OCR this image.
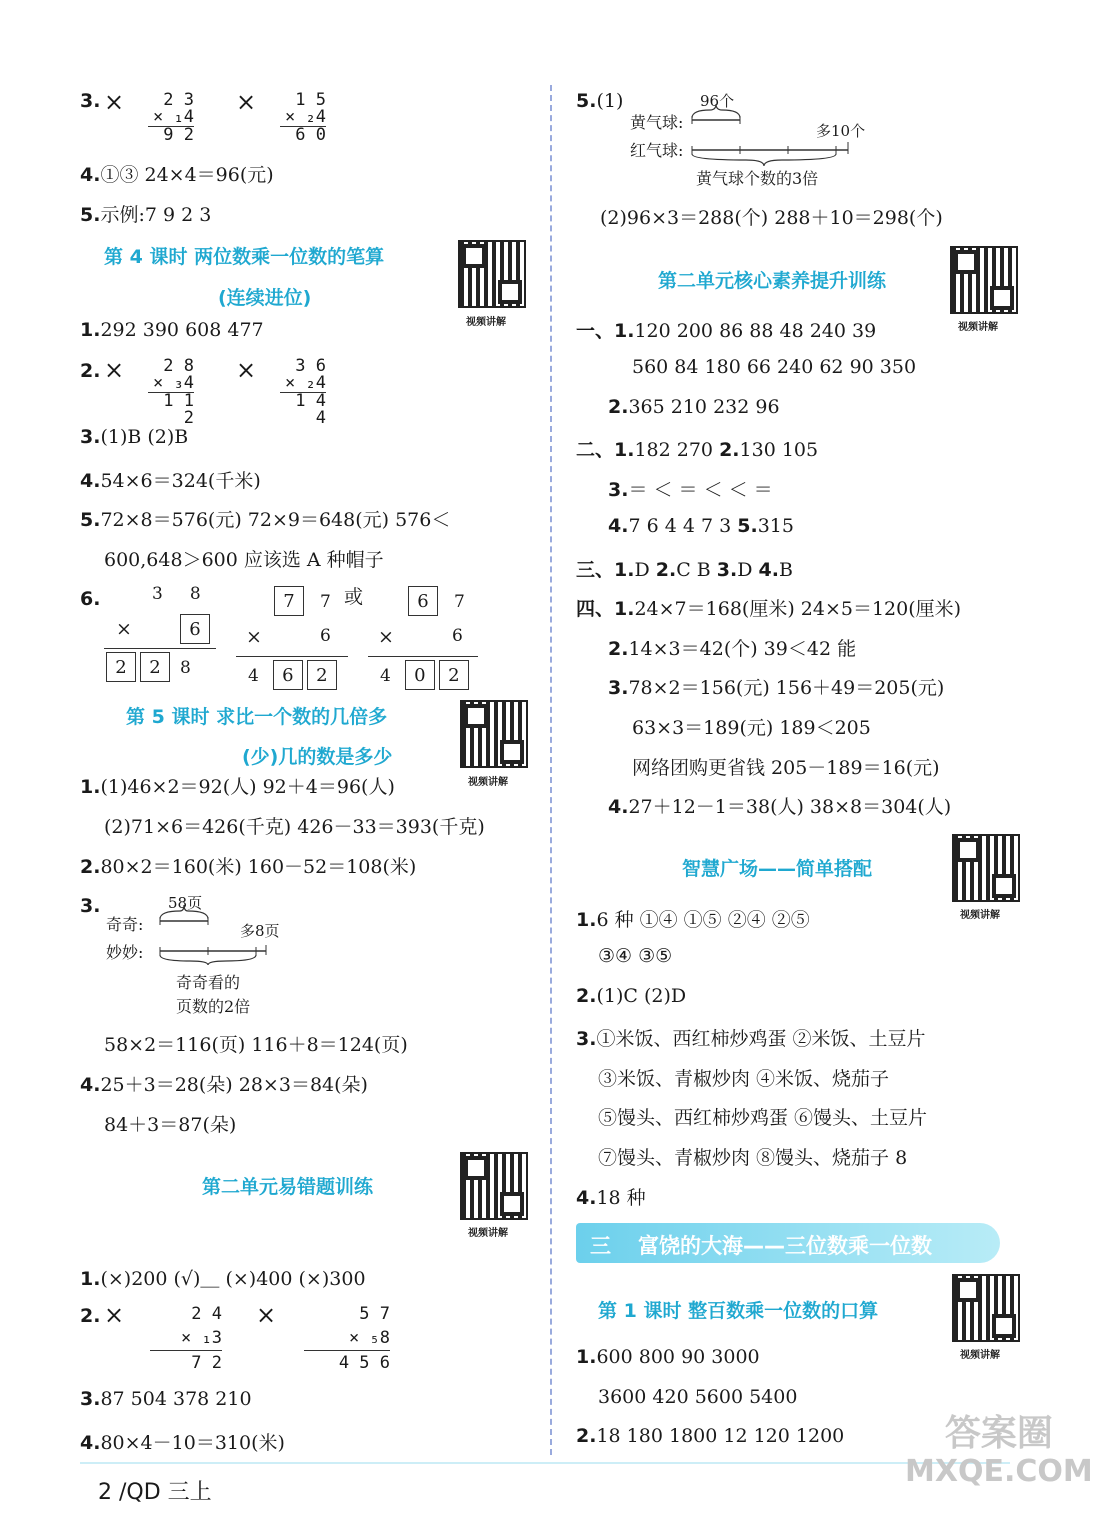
3. ×	2 3
× ₁4
9 2
×	1 5
× ₂4
6 0
4.①③ 24×4＝96(元)
5.示例:7 9 2 3
第 4 课时 两位数乘一位数的笔算
(连续进位)
视频讲解
1.292 390 608 477
2. ×	2 8
× ₃4
1 1 2
×	3 6
× ₂4
1 4 4
3.(1)B (2)B
4.54×6＝324(千米)
5.72×8＝576(元) 72×9＝648(元) 576＜
600,648＞600 应该选 A 种帽子
6.	3 8
×	6
2 2 8
7 7 或
×	6
4 6 2
6 7
×	6
4 0 2
第 5 课时 求比一个数的几倍多
(少)几的数是多少
视频讲解
1.(1)46×2＝92(人) 92＋4＝96(人)
(2)71×6＝426(千克) 426－33＝393(千克)
2.80×2＝160(米) 160－52＝108(米)
3.	58页
奇奇:
妙妙:
多8页
奇奇看的
页数的2倍
58×2＝116(页) 116＋8＝124(页)
4.25＋3＝28(朵) 28×3＝84(朵)
84＋3＝87(朵)
第二单元易错题训练
视频讲解
1.(×)200 (√)＿ (×)400 (×)300
2. ×	2 4
× ₁3
7 2
×	5 7
× ₅8
4 5 6
3.87 504 378 210
4.80×4－10＝310(米)
5.(1)	96个
黄气球:
红气球:
多10个
黄气球个数的3倍
(2)96×3＝288(个) 288＋10＝298(个)
第二单元核心素养提升训练
视频讲解
一、1.120 200 86 88 48 240 39
560 84 180 66 240 62 90 350
2.365 210 232 96
二、1.182 270 2.130 105
3.＝ ＜ ＝ ＜ ＜ ＝
4.7 6 4 4 7 3 5.315
三、1.D 2.C B 3.D 4.B
四、1.24×7＝168(厘米) 24×5＝120(厘米)
2.14×3＝42(个) 39＜42 能
3.78×2＝156(元) 156＋49＝205(元)
63×3＝189(元) 189＜205
网络团购更省钱 205－189＝16(元)
4.27＋12－1＝38(人) 38×8＝304(人)
智慧广场——简单搭配
视频讲解
1.6 种 ①④ ①⑤ ②④ ②⑤
③④ ③⑤
2.(1)C (2)D
3.①米饭、西红柿炒鸡蛋 ②米饭、土豆片
③米饭、青椒炒肉 ④米饭、烧茄子
⑤馒头、西红柿炒鸡蛋 ⑥馒头、土豆片
⑦馒头、青椒炒肉 ⑧馒头、烧茄子 8
4.18 种
三 富饶的大海——三位数乘一位数
第 1 课时 整百数乘一位数的口算
视频讲解
1.600 800 90 3000
3600 420 5600 5400
2.18 180 1800 12 120 1200
2 /QD 三上
答案圈
MXQE.COM
